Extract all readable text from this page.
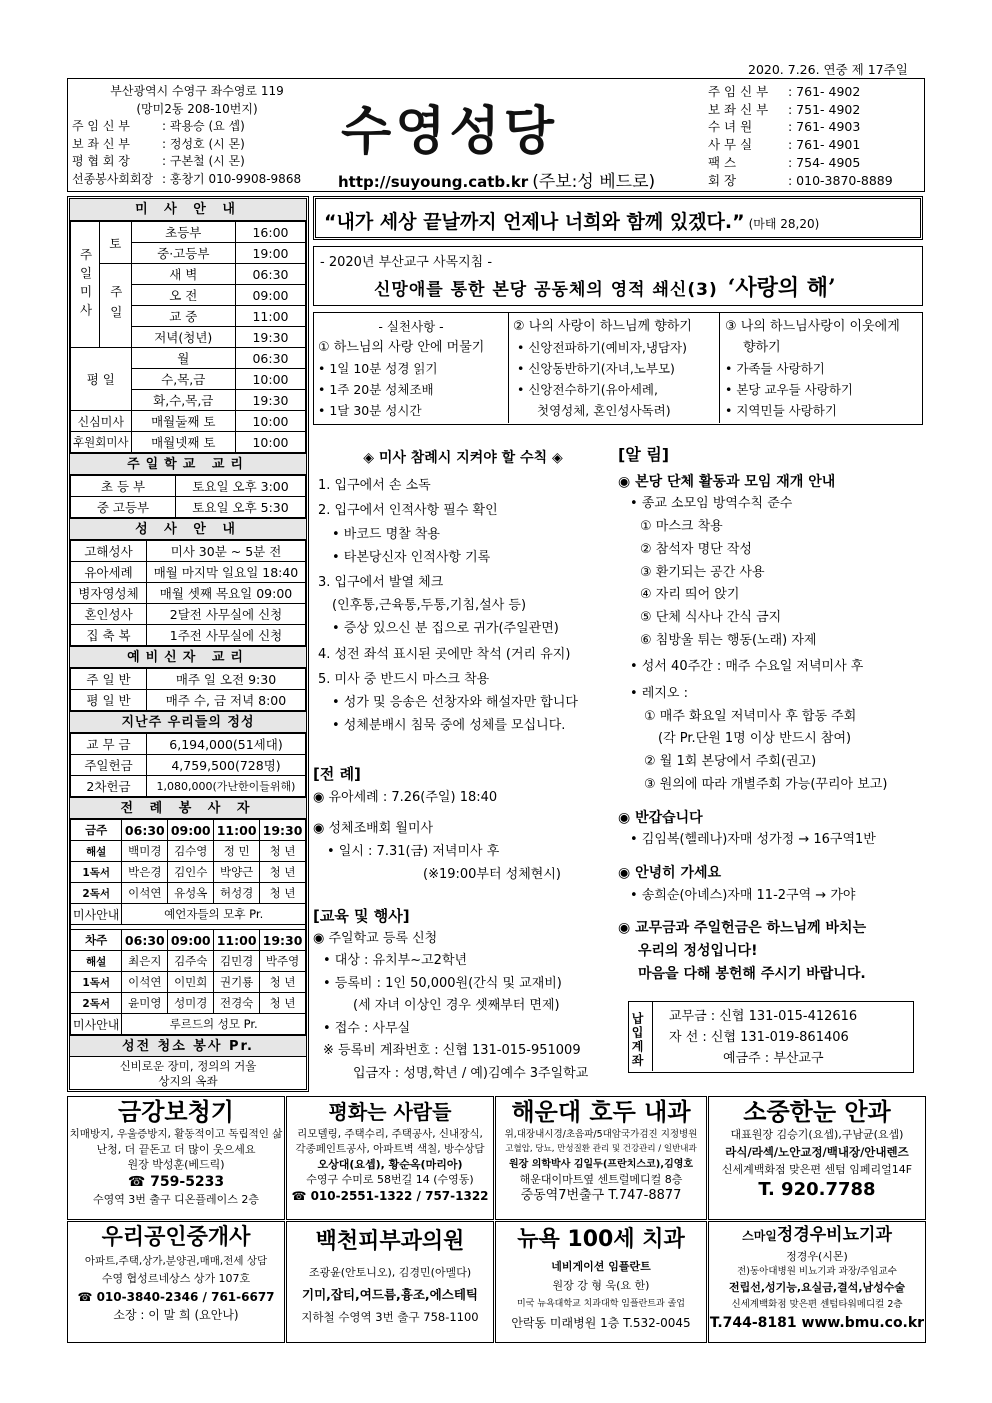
2020. 7.26. 연중 제 17주일
부산광역시 수영구 좌수영로 119
(망미2동 208-10번지)
주 임 신 부	: 곽용승 (요 셉)
보 좌 신 부	: 정성호 (시 몬)
평 협 회 장	: 구본철 (시 몬)
선종봉사회회장 : 홍창기 010-9908-9868
수영성당
http://suyoung.catb.kr (주보:성 베드로)
주 임 신 부 : 761- 4902
보 좌 신 부 : 751- 4902
수 녀 원	: 761- 4903
사 무 실	: 761- 4901
팩 스	: 754- 4905
회 장	: 010-3870-8889
미 사 안 내
주일미사	토	초등부	16:00
		중·고등부	19:00
	주일	새 벽	06:30
		오 전	09:00
		교 중	11:00
		저녁(청년)	19:30
평 일		월	06:30
		수,목,금	10:00
		화,수,목,금	19:30
신심미사		매월둘째 토	10:00
후원회미사		매월넷째 토	10:00
주일학교 교리
초 등 부	토요일 오후 3:00
중 고등부	토요일 오후 5:30
성 사 안 내
고해성사	미사 30분 ~ 5분 전
유아세례	매월 마지막 일요일 18:40
병자영성체	매월 셋째 목요일 09:00
혼인성사	2달전 사무실에 신청
집 축 복	1주전 사무실에 신청
예비신자 교리
주 일 반	매주 일 오전 9:30
평 일 반	매주 수, 금 저녁 8:00
지난주 우리들의 정성
교 무 금	6,194,000(51세대)
주일헌금	4,759,500(728명)
2차헌금	1,080,000(가난한이들위해)
전 례 봉 사 자
금주	06:30	09:00	11:00	19:30
해설	백미경	김수영	정 민	청 년
1독서	박은경	김인수	박양근	청 년
2독서	이석연	유성옥	허성경	청 년
미사안내	예언자들의 모후 Pr.			
차주	06:30	09:00	11:00	19:30
해설	최은지	김주숙	김민경	박주영
1독서	이석연	이민희	권기룡	청 년
2독서	윤미영	성미경	전경숙	청 년
미사안내	루르드의 성모 Pr.			
성전 청소 봉사 Pr.
신비로운 장미, 정의의 거울
상지의 옥좌
“내가 세상 끝날까지 언제나 너희와 함께 있겠다.” (마태 28,20)
- 2020년 부산교구 사목지침 -
신망애를 통한 본당 공동체의 영적 쇄신(3) ‘사랑의 해’
- 실천사항 -
① 하느님의 사랑 안에 머물기
• 1일 10분 성경 읽기
• 1주 20분 성체조배
• 1달 30분 성시간
② 나의 사랑이 하느님께 향하기
• 신앙전파하기(예비자,냉담자)
• 신앙동반하기(자녀,노부모)
• 신앙전수하기(유아세례,
첫영성체, 혼인성사독려)
③ 나의 하느님사랑이 이웃에게
향하기
• 가족들 사랑하기
• 본당 교우들 사랑하기
• 지역민들 사랑하기
◈ 미사 참례시 지켜야 할 수칙 ◈
1. 입구에서 손 소독
2. 입구에서 인적사항 필수 확인
• 바코드 명찰 착용
• 타본당신자 인적사항 기록
3. 입구에서 발열 체크
(인후통,근육통,두통,기침,설사 등)
• 증상 있으신 분 집으로 귀가(주일관면)
4. 성전 좌석 표시된 곳에만 착석 (거리 유지)
5. 미사 중 반드시 마스크 착용
• 성가 및 응송은 선창자와 해설자만 합니다
• 성체분배시 침묵 중에 성체를 모십니다.
[전 례]
◉ 유아세례 : 7.26(주일) 18:40
◉ 성체조배회 월미사
• 일시 : 7.31(금) 저녁미사 후
(※19:00부터 성체현시)
[교육 및 행사]
◉ 주일학교 등록 신청
• 대상 : 유치부~고2학년
• 등록비 : 1인 50,000원(간식 및 교재비)
(세 자녀 이상인 경우 셋째부터 면제)
• 접수 : 사무실
※ 등록비 계좌번호 : 신협 131-015-951009
입금자 : 성명,학년 / 예)김예수 3주일학교
[알 림]
◉ 본당 단체 활동과 모임 재개 안내
• 종교 소모임 방역수칙 준수
① 마스크 착용
② 참석자 명단 작성
③ 환기되는 공간 사용
④ 자리 띄어 앉기
⑤ 단체 식사나 간식 금지
⑥ 침방울 튀는 행동(노래) 자제
• 성서 40주간 : 매주 수요일 저녁미사 후
• 레지오 :
① 매주 화요일 저녁미사 후 합동 주회
(각 Pr.단원 1명 이상 반드시 참여)
② 월 1회 본당에서 주회(권고)
③ 원의에 따라 개별주회 가능(꾸리아 보고)
◉ 반갑습니다
• 김임복(헬레나)자매 성가정 → 16구역1반
◉ 안녕히 가세요
• 송희순(아녜스)자매 11-2구역 → 가야
◉ 교무금과 주일헌금은 하느님께 바치는
우리의 정성입니다!
마음을 다해 봉헌해 주시기 바랍니다.
납입계좌	교무금 : 신협 131-015-412616
자 선 : 신협 131-019-861406
예금주 : 부산교구
금강보청기
치매방지, 우울증방지, 활동적이고 독립적인 삶
난청, 더 끝돈고 더 많이 웃으세요
원장 박성훈(베드릭)
☎ 759-5233
수영역 3번 출구 디온플레이스 2층
평화는 사람들
리모델링, 주택수리, 주택공사, 신내장식,
각종페인트공사, 아파트벽 색칠, 방수상담
오상대(요셉), 황순옥(마리아)
수영구 수미로 58번길 14 (수영동)
☎ 010-2551-1322 / 757-1322
해운대 호두 내과
위,대장내시경/초음파/5대암국가검진 지정병원
고혈압, 당뇨, 만성질환 관리 및 건강관리 / 일반내과
원장 의학박사 김일두(프란치스코),김영호
해운대이마트옆 센트럴메디컬 8층
중동역7번출구 T.747-8877
소중한눈 안과
대표원장 김승기(요셉),구남균(요셉)
라식/라섹/노안교정/백내장/안내렌즈
신세계백화점 맞은편 센텀 임페리얼14F
T. 920.7788
우리공인중개사
아파트,주택,상가,분양권,매매,전세 상담
수영 협성르네상스 상가 107호
☎ 010-3840-2346 / 761-6677
소장 : 이 말 희 (요안나)
백천피부과의원
조광윤(안토니오), 김경민(아멜다)
기미,잡티,여드름,흉조,에스테틱
지하철 수영역 3번 출구 758-1100
뉴욕 100세 치과
네비게이션 임플란트
원장 강 형 욱(요 한)
미국 뉴욕대학교 치과대학 임플란트과 졸업
안락동 미래병원 1층 T.532-0045
스마일정경우비뇨기과
정경우(시몬)
전)동아대병원 비뇨기과 과장/주임교수
전립선,성기능,요실금,결석,남성수술
신세계백화점 맞은편 센텀타워메디컬 2층
T.744-8181 www.bmu.co.kr
